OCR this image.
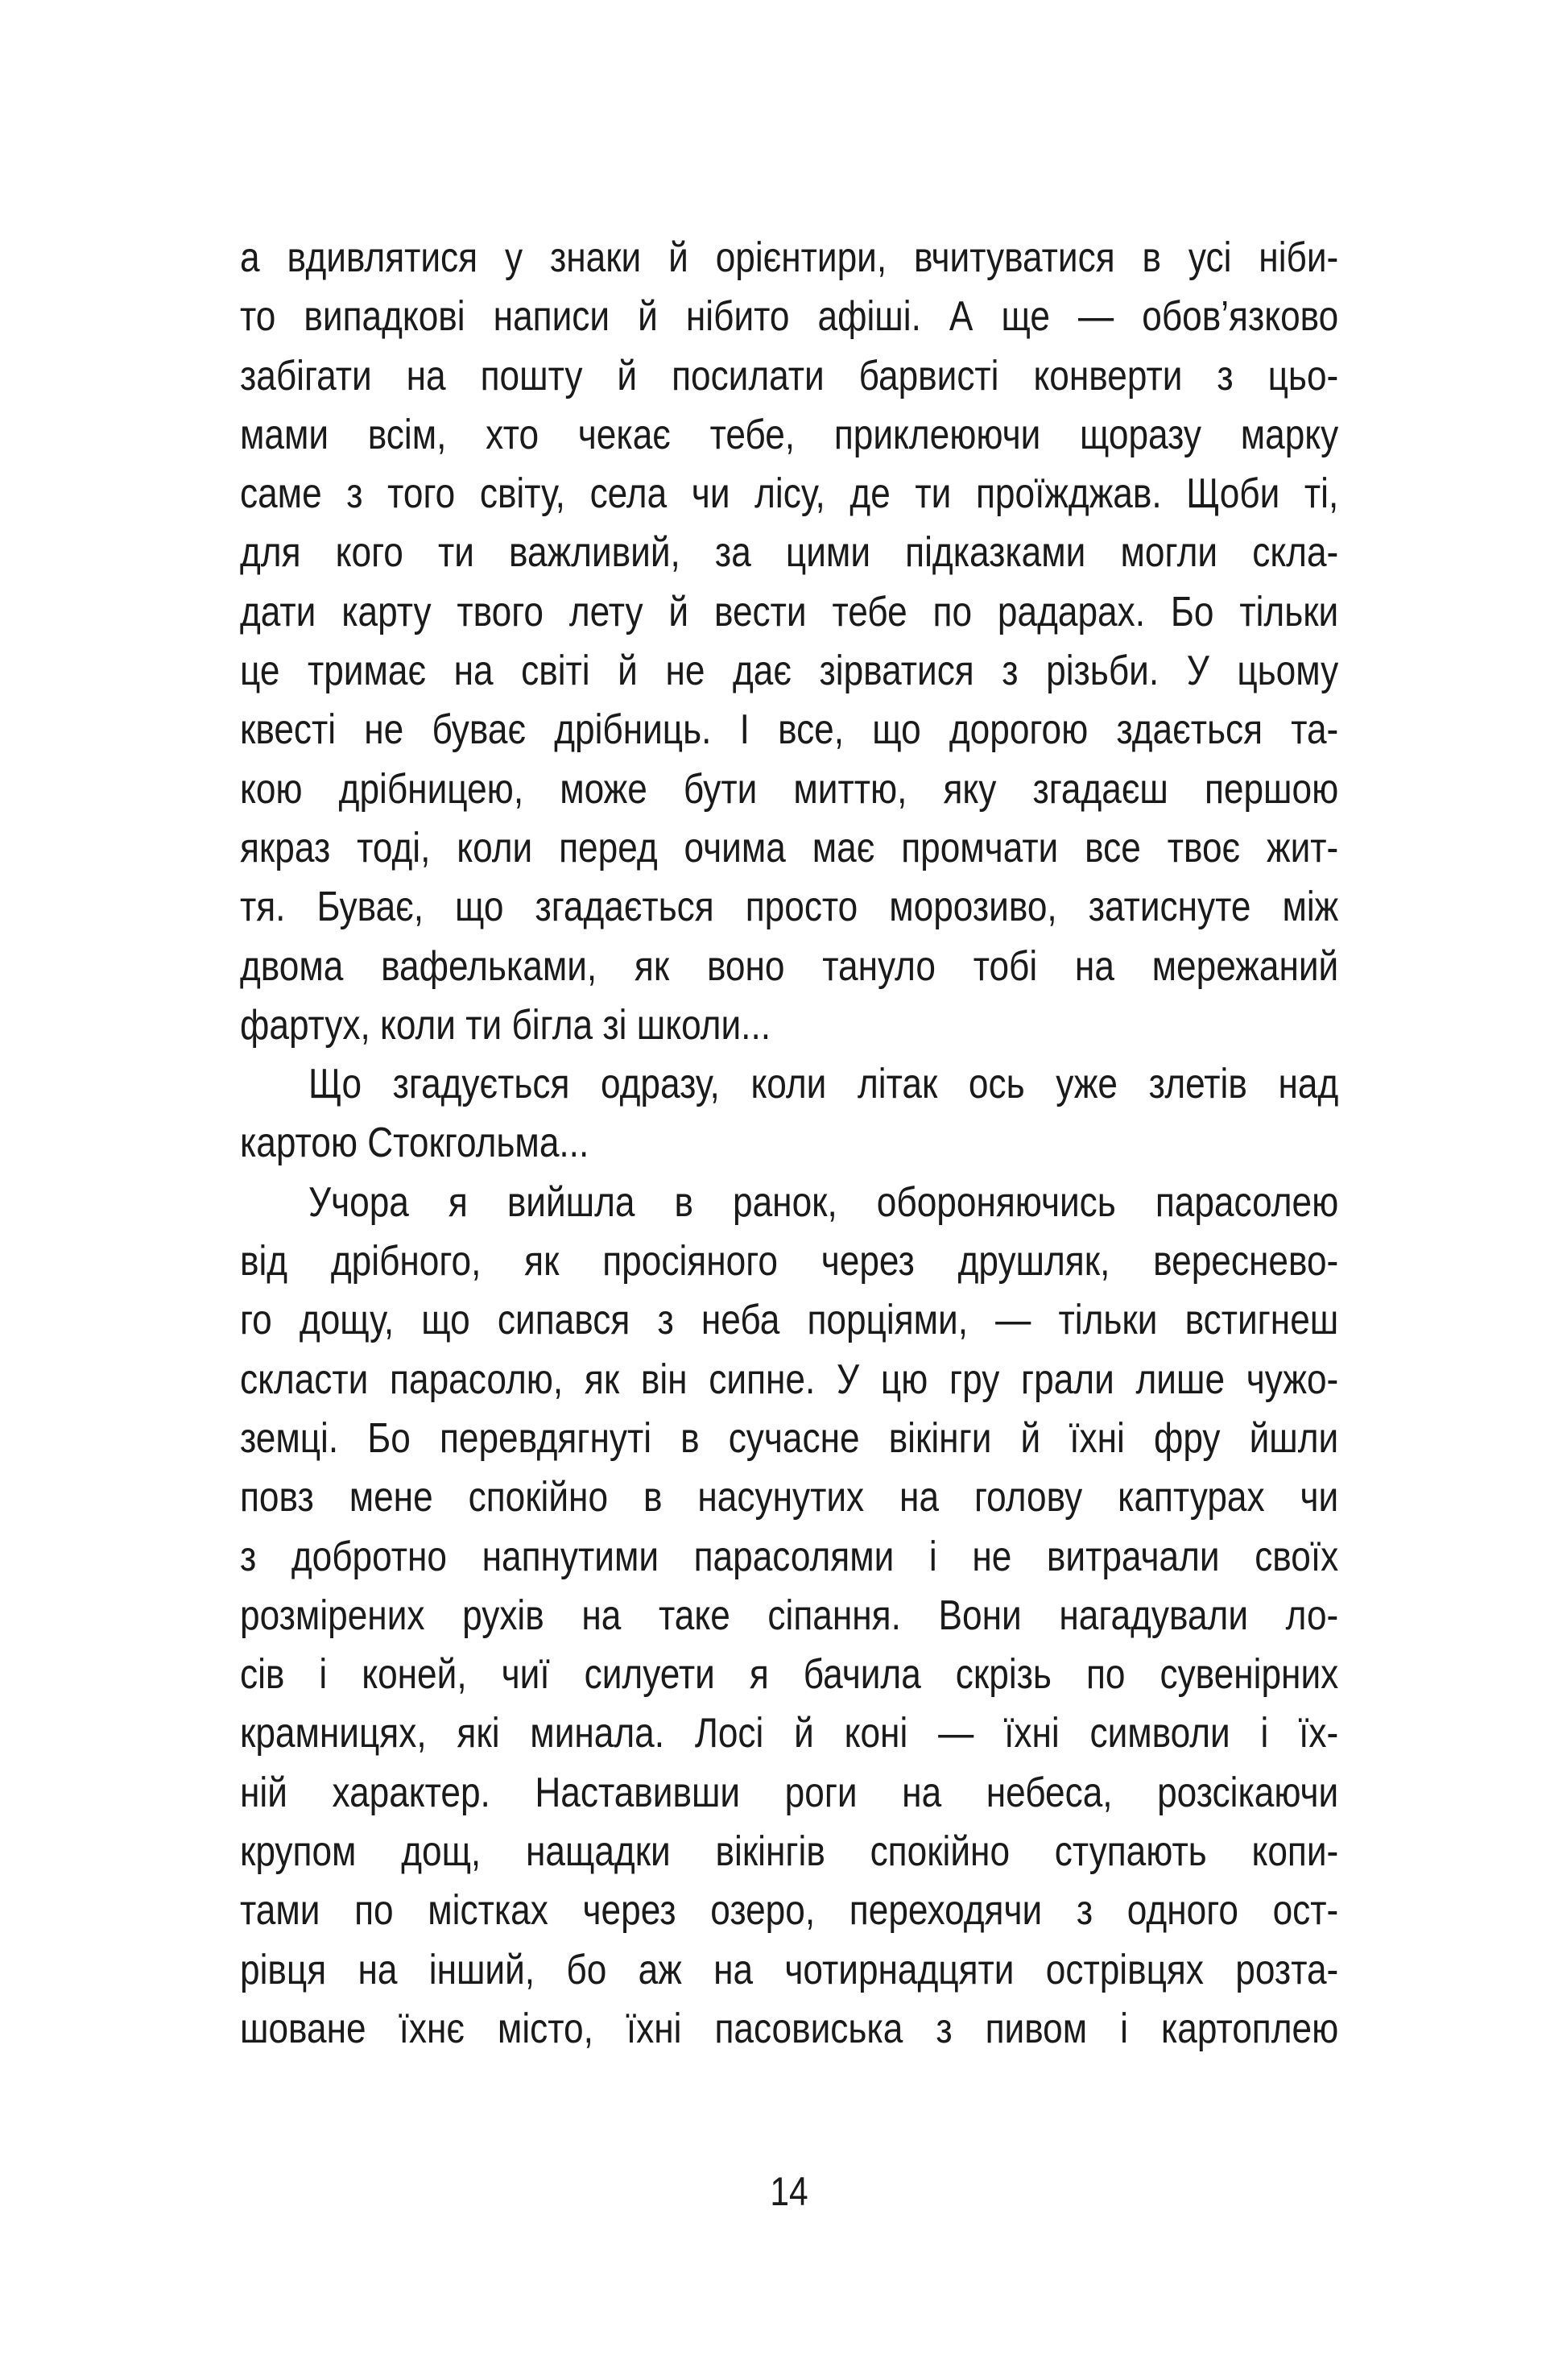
а вдивлятися у знаки й орієнтири, вчитуватися в усі ніби-
то випадкові написи й нібито афіші. А ще — обов’язково
забігати на пошту й посилати барвисті конверти з цьо-
мами всім, хто чекає тебе, приклеюючи щоразу марку
саме з того світу, села чи лісу, де ти проїжджав. Щоби ті,
для кого ти важливий, за цими підказками могли скла-
дати карту твого лету й вести тебе по радарах. Бо тільки
це тримає на світі й не дає зірватися з різьби. У цьому
квесті не буває дрібниць. І все, що дорогою здається та-
кою дрібницею, може бути миттю, яку згадаєш першою
якраз тоді, коли перед очима має промчати все твоє жит-
тя. Буває, що згадається просто морозиво, затиснуте між
двома вафельками, як воно тануло тобі на мережаний
фартух, коли ти бігла зі школи...
Що згадується одразу, коли літак ось уже злетів над
картою Стокгольма...
Учора я вийшла в ранок, обороняючись парасолею
від дрібного, як просіяного через друшляк, вереснево-
го дощу, що сипався з неба порціями, — тільки встигнеш
скласти парасолю, як він сипне. У цю гру грали лише чужо-
земці. Бо перевдягнуті в сучасне вікінги й їхні фру йшли
повз мене спокійно в насунутих на голову каптурах чи
з добротно напнутими парасолями і не витрачали своїх
розмірених рухів на таке сіпання. Вони нагадували ло-
сів і коней, чиї силуети я бачила скрізь по сувенірних
крамницях, які минала. Лосі й коні — їхні символи і їх-
ній характер. Наставивши роги на небеса, розсікаючи
крупом дощ, нащадки вікінгів спокійно ступають копи-
тами по містках через озеро, переходячи з одного ост-
рівця на інший, бо аж на чотирнадцяти острівцях розта-
шоване їхнє місто, їхні пасовиська з пивом і картоплею
14
